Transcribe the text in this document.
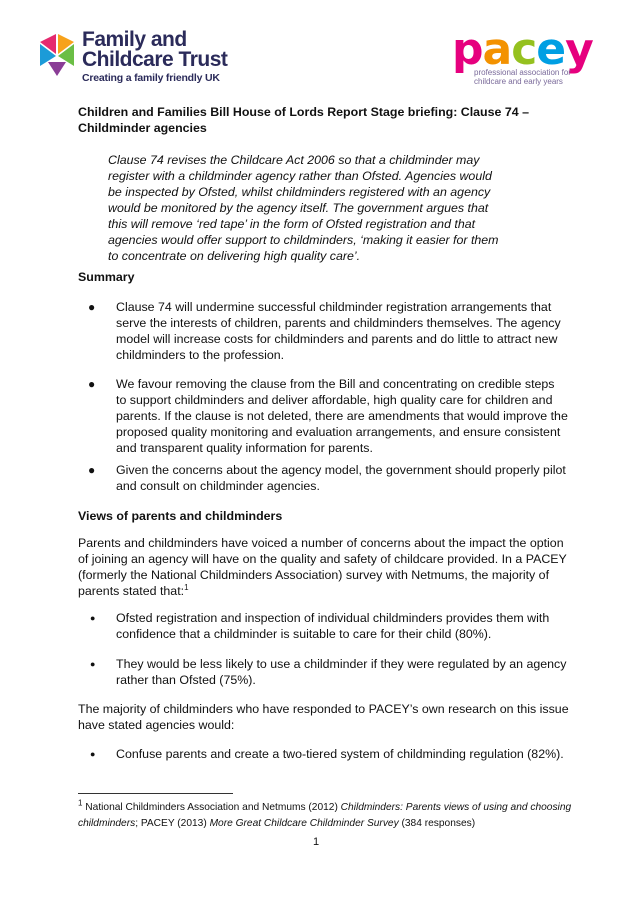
Family and
Childcare Trust
Creating a family friendly UK
pacey
professional association for
childcare and early years
Children and Families Bill House of Lords Report Stage briefing: Clause 74 – Childminder agencies
Clause 74 revises the Childcare Act 2006 so that a childminder may register with a childminder agency rather than Ofsted. Agencies would be inspected by Ofsted, whilst childminders registered with an agency would be monitored by the agency itself. The government argues that this will remove ‘red tape’ in the form of Ofsted registration and that agencies would offer support to childminders, ‘making it easier for them to concentrate on delivering high quality care’.
Summary
● Clause 74 will undermine successful childminder registration arrangements that serve the interests of children, parents and childminders themselves. The agency model will increase costs for childminders and parents and do little to attract new childminders to the profession.
● We favour removing the clause from the Bill and concentrating on credible steps to support childminders and deliver affordable, high quality care for children and parents. If the clause is not deleted, there are amendments that would improve the proposed quality monitoring and evaluation arrangements, and ensure consistent and transparent quality information for parents.
● Given the concerns about the agency model, the government should properly pilot and consult on childminder agencies.
Views of parents and childminders
Parents and childminders have voiced a number of concerns about the impact the option of joining an agency will have on the quality and safety of childcare provided. In a PACEY (formerly the National Childminders Association) survey with Netmums, the majority of parents stated that:$^1$
● Ofsted registration and inspection of individual childminders provides them with confidence that a childminder is suitable to care for their child (80%).
● They would be less likely to use a childminder if they were regulated by an agency rather than Ofsted (75%).
The majority of childminders who have responded to PACEY’s own research on this issue have stated agencies would:
● Confuse parents and create a two-tiered system of childminding regulation (82%).
$^1$ National Childminders Association and Netmums (2012) Childminders: Parents views of using and choosing childminders; PACEY (2013) More Great Childcare Childminder Survey (384 responses)
1
